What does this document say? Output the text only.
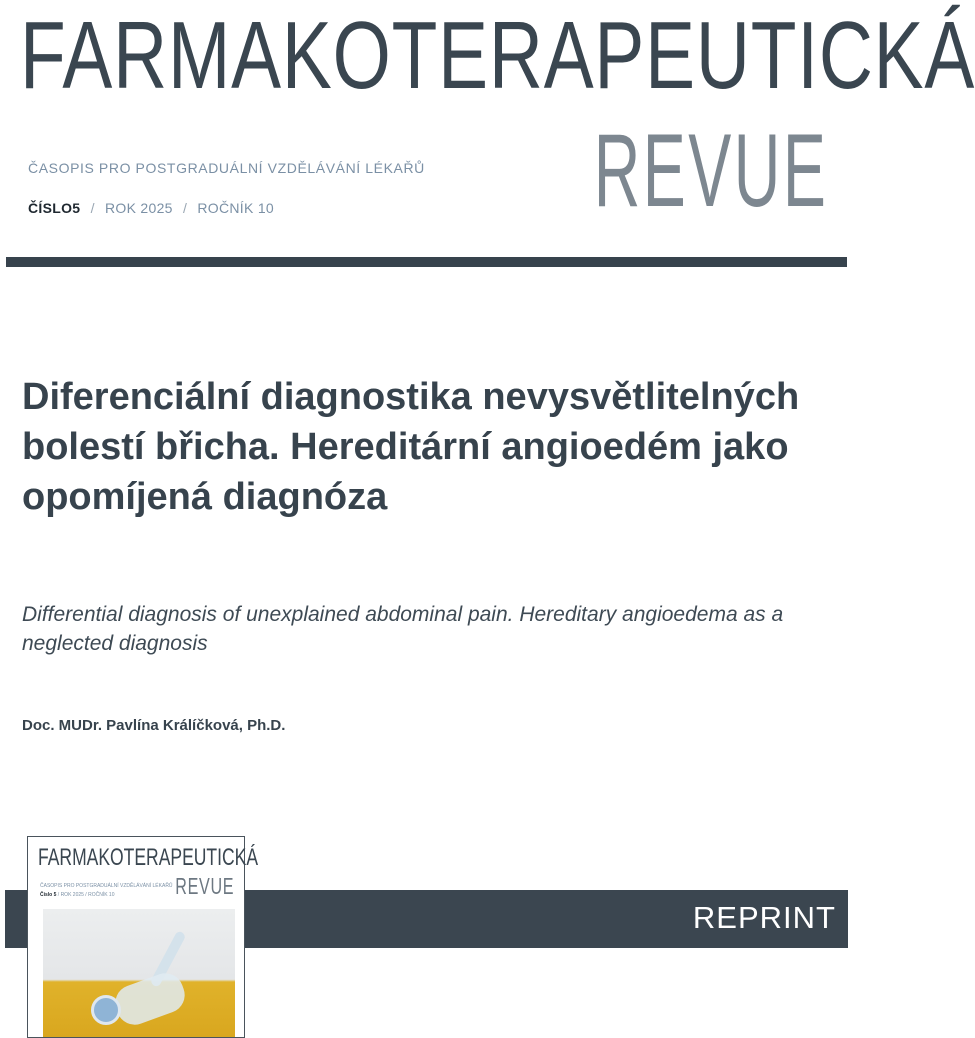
FARMAKOTERAPEUTICKÁ
REVUE
ČASOPIS PRO POSTGRADUÁLNÍ VZDĚLÁVÁNÍ LÉKAŘŮ
ČÍSLO5 / ROK 2025 / ROČNÍK 10
Diferenciální diagnostika nevysvětlitelných bolestí břicha. Hereditární angioedém jako opomíjená diagnóza

Differential diagnosis of unexplained abdominal pain. Hereditary angioedema as a neglected diagnosis

Doc. MUDr. Pavlína Králíčková, Ph.D.
REPRINT
FARMAKOTERAPEUTICKÁ
REVUE
ČASOPIS PRO POSTGRADUÁLNÍ VZDĚLÁVÁNÍ LÉKAŘŮ
Číslo 5 / ROK 2025 / ROČNÍK 10
